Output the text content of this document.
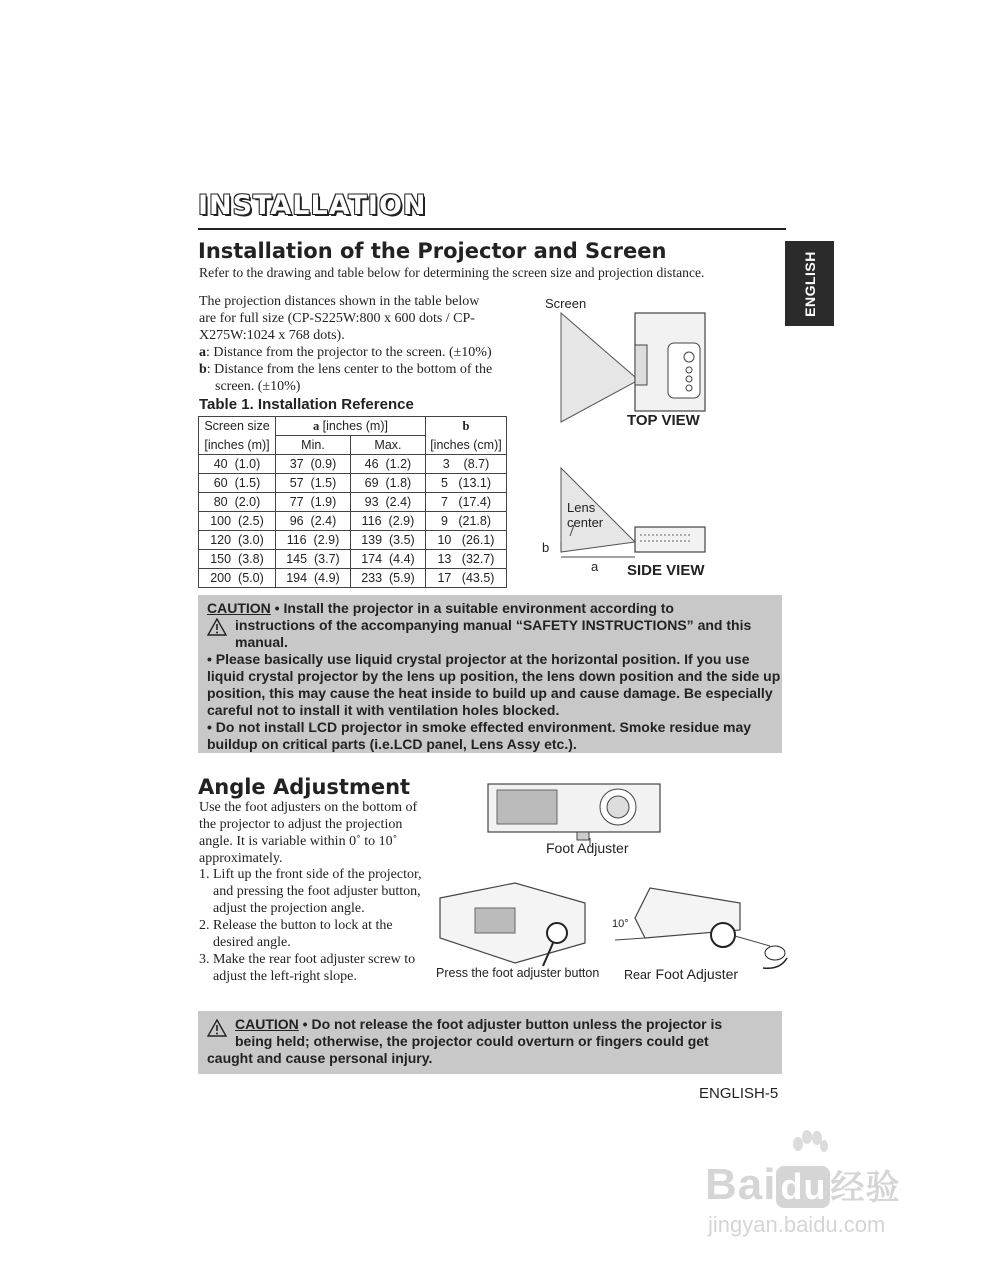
INSTALLATION
ENGLISH
Installation of the Projector and Screen
Refer to the drawing and table below for determining the screen size and projection distance.
The projection distances shown in the table below
are for full size (CP-S225W:800 x 600 dots / CP-
X275W:1024 x 768 dots).
a: Distance from the projector to the screen. (±10%)
b: Distance from the lens center to the bottom of the
screen. (±10%)
Table 1. Installation Reference
Screen size	a [inches (m)]		b
[inches (m)]	Min.	Max.	[inches (cm)]
40  (1.0)	37  (0.9)	46  (1.2)	3    (8.7)
60  (1.5)	57  (1.5)	69  (1.8)	5   (13.1)
80  (2.0)	77  (1.9)	93  (2.4)	7   (17.4)
100  (2.5)	96  (2.4)	116  (2.9)	9   (21.8)
120  (3.0)	116  (2.9)	139  (3.5)	10   (26.1)
150  (3.8)	145  (3.7)	174  (4.4)	13   (32.7)
200  (5.0)	194  (4.9)	233  (5.9)	17   (43.5)
Screen
TOP VIEW
Lens
center
b
a SIDE VIEW
CAUTION • Install the projector in a suitable environment according to
instructions of the accompanying manual “SAFETY INSTRUCTIONS” and this
manual.
• Please basically use liquid crystal projector at the horizontal position. If you use liquid crystal projector by the lens up position, the lens down position and the side up position, this may cause the heat inside to build up and cause damage. Be especially careful not to install it with ventilation holes blocked.
• Do not install LCD projector in smoke effected environment. Smoke residue may buildup on critical parts (i.e.LCD panel, Lens Assy etc.).
Angle Adjustment
Use the foot adjusters on the bottom of the projector to adjust the projection angle. It is variable within 0˚ to 10˚ approximately.
1. Lift up the front side of the projector, and pressing the foot adjuster button, adjust the projection angle.
2. Release the button to lock at the desired angle.
3. Make the rear foot adjuster screw to adjust the left-right slope.
Foot Adjuster
10°
Press the foot adjuster button Rear Foot Adjuster
CAUTION • Do not release the foot adjuster button unless the projector is
being held; otherwise, the projector could overturn or fingers could get
caught and cause personal injury.
ENGLISH-5
Bai du 经验
jingyan.baidu.com
